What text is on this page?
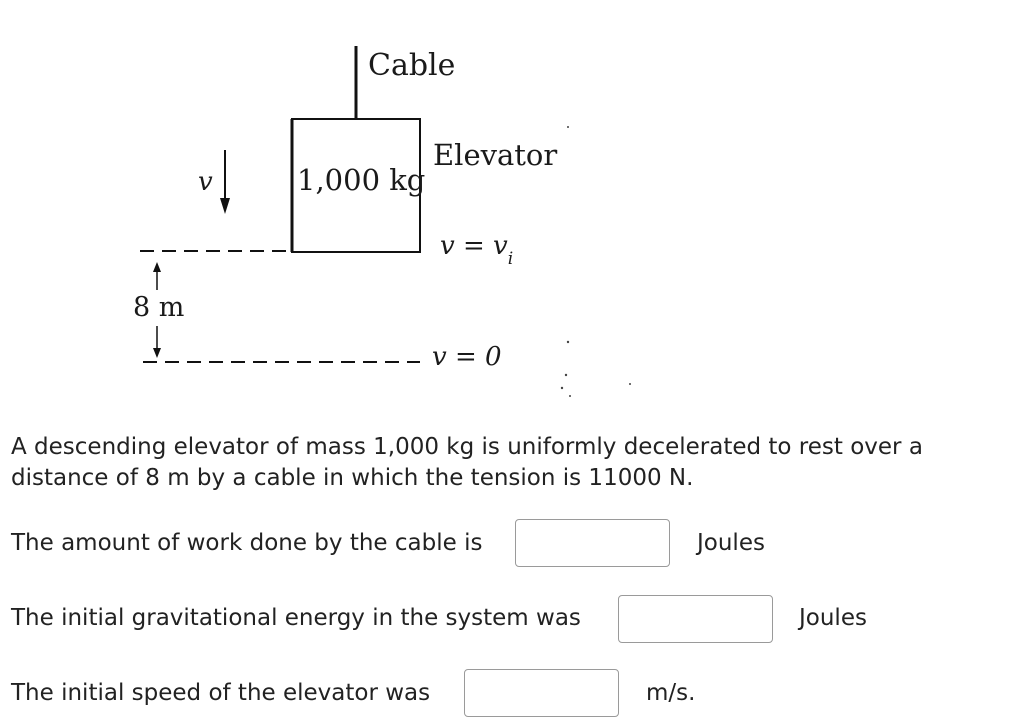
Cable
1,000 kg
Elevator
v
$v = v_i$
8 m
v = 0
A descending elevator of mass 1,000 kg is uniformly decelerated to rest over a distance of 8 m by a cable in which the tension is 11000 N.
The amount of work done by the cable is	Joules
The initial gravitational energy in the system was	Joules
The initial speed of the elevator was	m/s.
